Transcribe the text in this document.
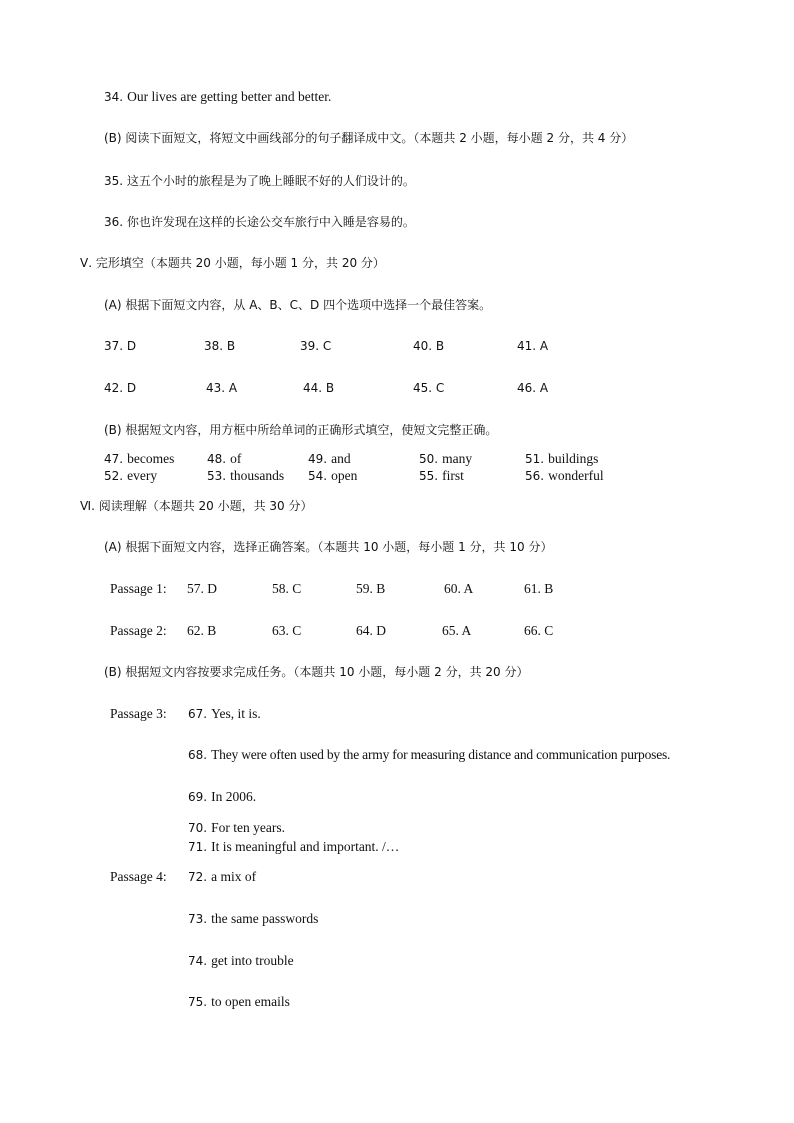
34. Our lives are getting better and better.
(B) 阅读下面短文，将短文中画线部分的句子翻译成中文。（本题共 2 小题，每小题 2 分，共 4 分）
35. 这五个小时的旅程是为了晚上睡眠不好的人们设计的。
36. 你也许发现在这样的长途公交车旅行中入睡是容易的。
Ⅴ. 完形填空（本题共 20 小题，每小题 1 分，共 20 分）
(A) 根据下面短文内容，从 A、B、C、D 四个选项中选择一个最佳答案。
37. D	38. B	39. C	40. B	41. A
42. D	43. A	44. B	45. C	46. A
(B) 根据短文内容，用方框中所给单词的正确形式填空，使短文完整正确。
47. becomes	48. of	49. and	50. many	51. buildings
52. every	53. thousands 54. open	55. first	56. wonderful
Ⅵ. 阅读理解（本题共 20 小题，共 30 分）
(A) 根据下面短文内容，选择正确答案。（本题共 10 小题，每小题 1 分，共 10 分）
Passage 1: 57. D	58. C	59. B	60. A	61. B
Passage 2: 62. B	63. C	64. D	65. A	66. C
(B) 根据短文内容按要求完成任务。（本题共 10 小题，每小题 2 分，共 20 分）
Passage 3: 67. Yes, it is.
68. They were often used by the army for measuring distance and communication purposes.
69. In 2006.
70. For ten years.
71. It is meaningful and important. /…
Passage 4: 72. a mix of
73. the same passwords
74. get into trouble
75. to open emails
